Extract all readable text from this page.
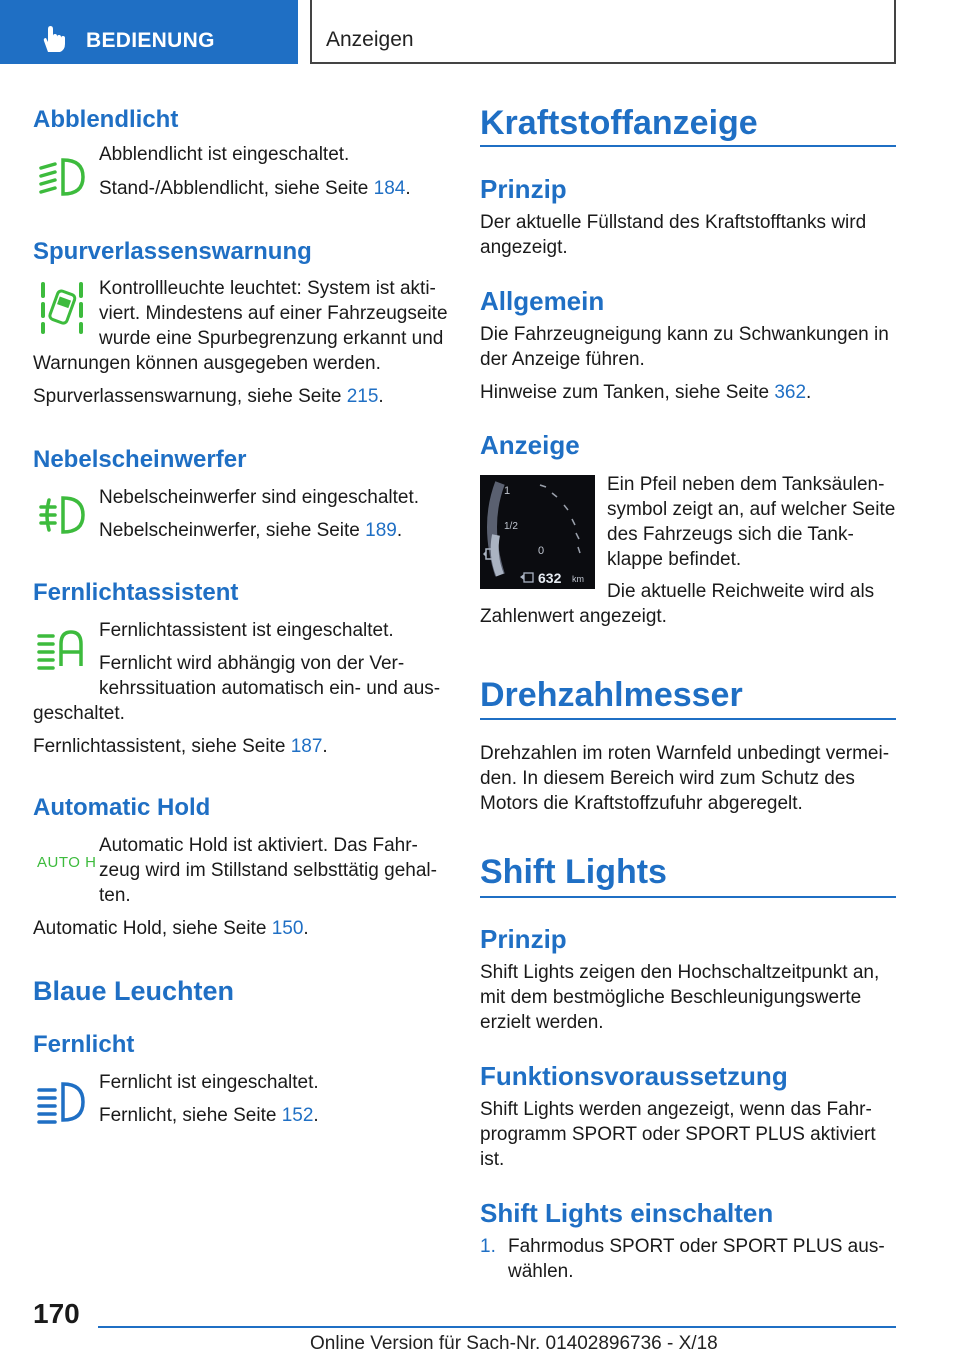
BEDIENUNG	Anzeigen
Abblendlicht

Abblendlicht ist eingeschaltet.

Stand-/Abblendlicht, siehe Seite 184.

Spurverlassenswarnung

Kontrollleuchte leuchtet: System ist akti-

viert. Mindestens auf einer Fahrzeugseite

wurde eine Spurbegrenzung erkannt und

Warnungen können ausgegeben werden.

Spurverlassenswarnung, siehe Seite 215.

Nebelscheinwerfer

Nebelscheinwerfer sind eingeschaltet.

Nebelscheinwerfer, siehe Seite 189.

Fernlichtassistent

Fernlichtassistent ist eingeschaltet.

Fernlicht wird abhängig von der Ver-

kehrssituation automatisch ein- und aus-

geschaltet.

Fernlichtassistent, siehe Seite 187.

Automatic Hold
AUTO H

Automatic Hold ist aktiviert. Das Fahr-

zeug wird im Stillstand selbsttätig gehal-

ten.

Automatic Hold, siehe Seite 150.

Blaue Leuchten
Fernlicht

Fernlicht ist eingeschaltet.

Fernlicht, siehe Seite 152.

Kraftstoffanzeige
Prinzip

Der aktuelle Füllstand des Kraftstofftanks wird

angezeigt.

Allgemein

Die Fahrzeugneigung kann zu Schwankungen in

der Anzeige führen.

Hinweise zum Tanken, siehe Seite 362.

Anzeige
1
1/2
0
632 km

Ein Pfeil neben dem Tanksäulen-

symbol zeigt an, auf welcher Seite

des Fahrzeugs sich die Tank-

klappe befindet.

Die aktuelle Reichweite wird als

Zahlenwert angezeigt.

Drehzahlmesser

Drehzahlen im roten Warnfeld unbedingt vermei-

den. In diesem Bereich wird zum Schutz des

Motors die Kraftstoffzufuhr abgeregelt.

Shift Lights
Prinzip

Shift Lights zeigen den Hochschaltzeitpunkt an,

mit dem bestmögliche Beschleunigungswerte

erzielt werden.

Funktionsvoraussetzung

Shift Lights werden angezeigt, wenn das Fahr-

programm SPORT oder SPORT PLUS aktiviert

ist.

Shift Lights einschalten

1. Fahrmodus SPORT oder SPORT PLUS aus-

wählen.

170
Online Version für Sach-Nr. 01402896736 - X/18
